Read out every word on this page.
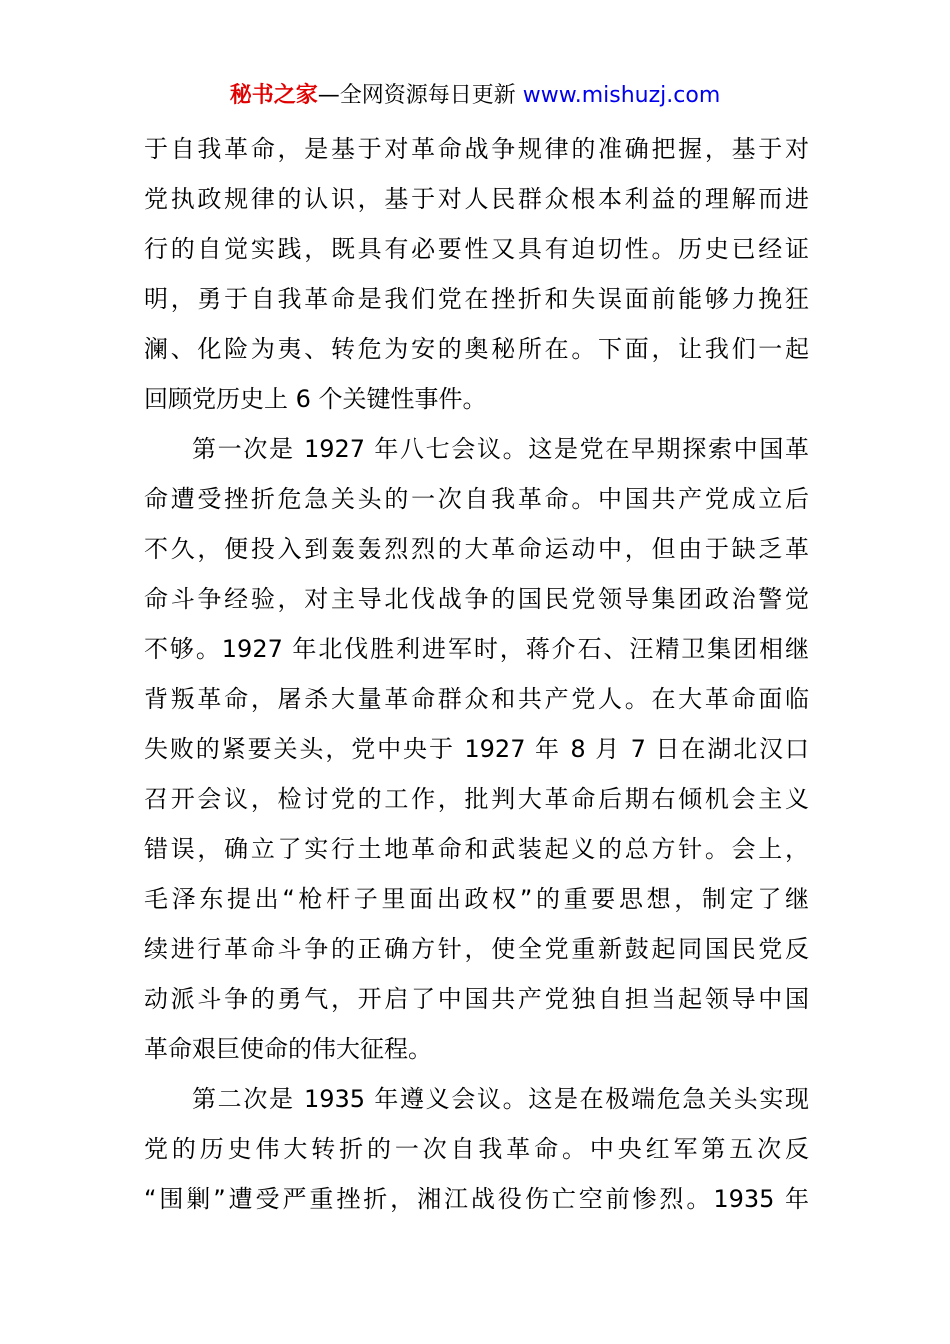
秘书之家—全网资源每日更新 www.mishuzj.com
于自我革命，是基于对革命战争规律的准确把握，基于对
党执政规律的认识，基于对人民群众根本利益的理解而进
行的自觉实践，既具有必要性又具有迫切性。历史已经证
明，勇于自我革命是我们党在挫折和失误面前能够力挽狂
澜、化险为夷、转危为安的奥秘所在。下面，让我们一起
回顾党历史上 6 个关键性事件。
第一次是 1927 年八七会议。这是党在早期探索中国革
命遭受挫折危急关头的一次自我革命。中国共产党成立后
不久，便投入到轰轰烈烈的大革命运动中，但由于缺乏革
命斗争经验，对主导北伐战争的国民党领导集团政治警觉
不够。1927 年北伐胜利进军时，蒋介石、汪精卫集团相继
背叛革命，屠杀大量革命群众和共产党人。在大革命面临
失败的紧要关头，党中央于 1927 年 8 月 7 日在湖北汉口
召开会议，检讨党的工作，批判大革命后期右倾机会主义
错误，确立了实行土地革命和武装起义的总方针。会上，
毛泽东提出“枪杆子里面出政权”的重要思想，制定了继
续进行革命斗争的正确方针，使全党重新鼓起同国民党反
动派斗争的勇气，开启了中国共产党独自担当起领导中国
革命艰巨使命的伟大征程。
第二次是 1935 年遵义会议。这是在极端危急关头实现
党的历史伟大转折的一次自我革命。中央红军第五次反
“围剿”遭受严重挫折，湘江战役伤亡空前惨烈。1935 年
